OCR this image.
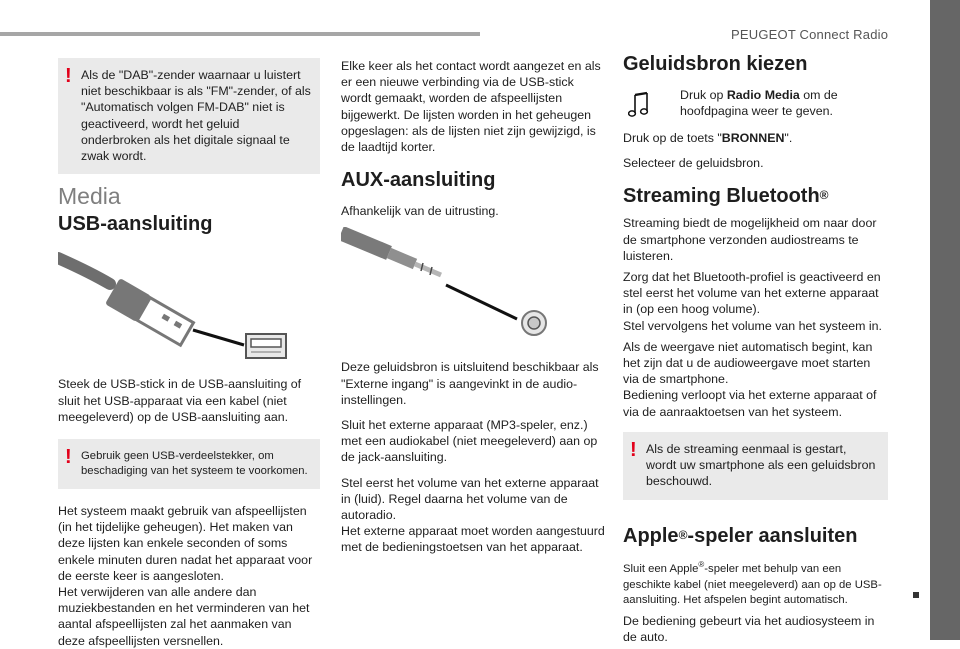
PEUGEOT Connect Radio
! Als de "DAB"-zender waarnaar u luistert niet beschikbaar is als "FM"-zender, of als "Automatisch volgen FM-DAB" niet is geactiveerd, wordt het geluid onderbroken als het digitale signaal te zwak wordt.

Media
USB-aansluiting

Steek de USB-stick in de USB-aansluiting of sluit het USB-apparaat via een kabel (niet meegeleverd) op de USB-aansluiting aan.

! Gebruik geen USB-verdeelstekker, om beschadiging van het systeem te voorkomen.

Het systeem maakt gebruik van afspeellijsten (in het tijdelijke geheugen). Het maken van deze lijsten kan enkele seconden of soms enkele minuten duren nadat het apparaat voor de eerste keer is aangesloten.

Het verwijderen van alle andere dan muziekbestanden en het verminderen van het aantal afspeellijsten zal het aanmaken van deze afspeellijsten versnellen.

Elke keer als het contact wordt aangezet en als er een nieuwe verbinding via de USB-stick wordt gemaakt, worden de afspeellijsten bijgewerkt. De lijsten worden in het geheugen opgeslagen: als de lijsten niet zijn gewijzigd, is de laadtijd korter.

AUX-aansluiting

Afhankelijk van de uitrusting.

Deze geluidsbron is uitsluitend beschikbaar als "Externe ingang" is aangevinkt in de audio-instellingen.

Sluit het externe apparaat (MP3-speler, enz.) met een audiokabel (niet meegeleverd) aan op de jack-aansluiting.

Stel eerst het volume van het externe apparaat in (luid). Regel daarna het volume van de autoradio.

Het externe apparaat moet worden aangestuurd met de bedieningstoetsen van het apparaat.

Geluidsbron kiezen

Druk op Radio Media om de hoofdpagina weer te geven.

Druk op de toets "BRONNEN".

Selecteer de geluidsbron.

Streaming Bluetooth®

Streaming biedt de mogelijkheid om naar door de smartphone verzonden audiostreams te luisteren.

Zorg dat het Bluetooth-profiel is geactiveerd en stel eerst het volume van het externe apparaat in (op een hoog volume).

Stel vervolgens het volume van het systeem in.

Als de weergave niet automatisch begint, kan het zijn dat u de audioweergave moet starten via de smartphone.

Bediening verloopt via het externe apparaat of via de aanraaktoetsen van het systeem.

! Als de streaming eenmaal is gestart, wordt uw smartphone als een geluidsbron beschouwd.

Apple®-speler aansluiten

Sluit een Apple®-speler met behulp van een geschikte kabel (niet meegeleverd) aan op de USB-aansluiting. Het afspelen begint automatisch.

De bediening gebeurt via het audiosysteem in de auto.
